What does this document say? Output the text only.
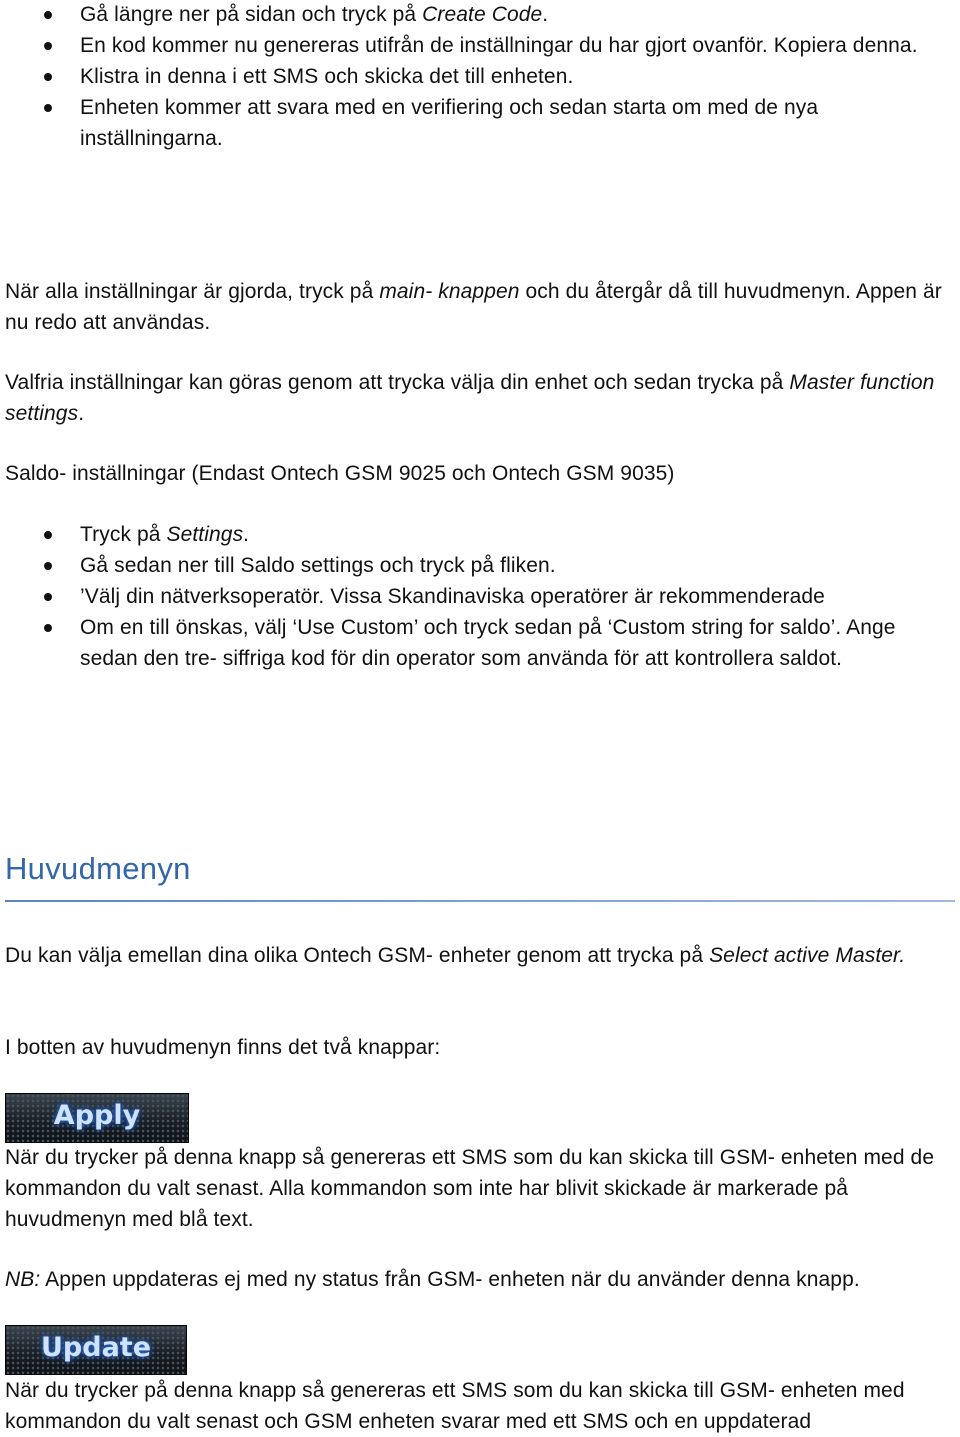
Gå längre ner på sidan och tryck på Create Code.
En kod kommer nu genereras utifrån de inställningar du har gjort ovanför. Kopiera denna.
Klistra in denna i ett SMS och skicka det till enheten.
Enheten kommer att svara med en verifiering och sedan starta om med de nya inställningarna.

När alla inställningar är gjorda, tryck på main- knappen och du återgår då till huvudmenyn. Appen är nu redo att användas.

Valfria inställningar kan göras genom att trycka välja din enhet och sedan trycka på Master function settings.

Saldo- inställningar (Endast Ontech GSM 9025 och Ontech GSM 9035)

Tryck på Settings.
Gå sedan ner till Saldo settings och tryck på fliken.
’Välj din nätverksoperatör. Vissa Skandinaviska operatörer är rekommenderade
Om en till önskas, välj ‘Use Custom’ och tryck sedan på ‘Custom string for saldo’. Ange sedan den tre- siffriga kod för din operator som använda för att kontrollera saldot.
Huvudmenyn

Du kan välja emellan dina olika Ontech GSM- enheter genom att trycka på Select active Master.

I botten av huvudmenyn finns det två knappar:

Apply

När du trycker på denna knapp så genereras ett SMS som du kan skicka till GSM- enheten med de kommandon du valt senast. Alla kommandon som inte har blivit skickade är markerade på huvudmenyn med blå text.

NB: Appen uppdateras ej med ny status från GSM- enheten när du använder denna knapp.

Update

När du trycker på denna knapp så genereras ett SMS som du kan skicka till GSM- enheten med kommandon du valt senast och GSM enheten svarar med ett SMS och en uppdaterad
